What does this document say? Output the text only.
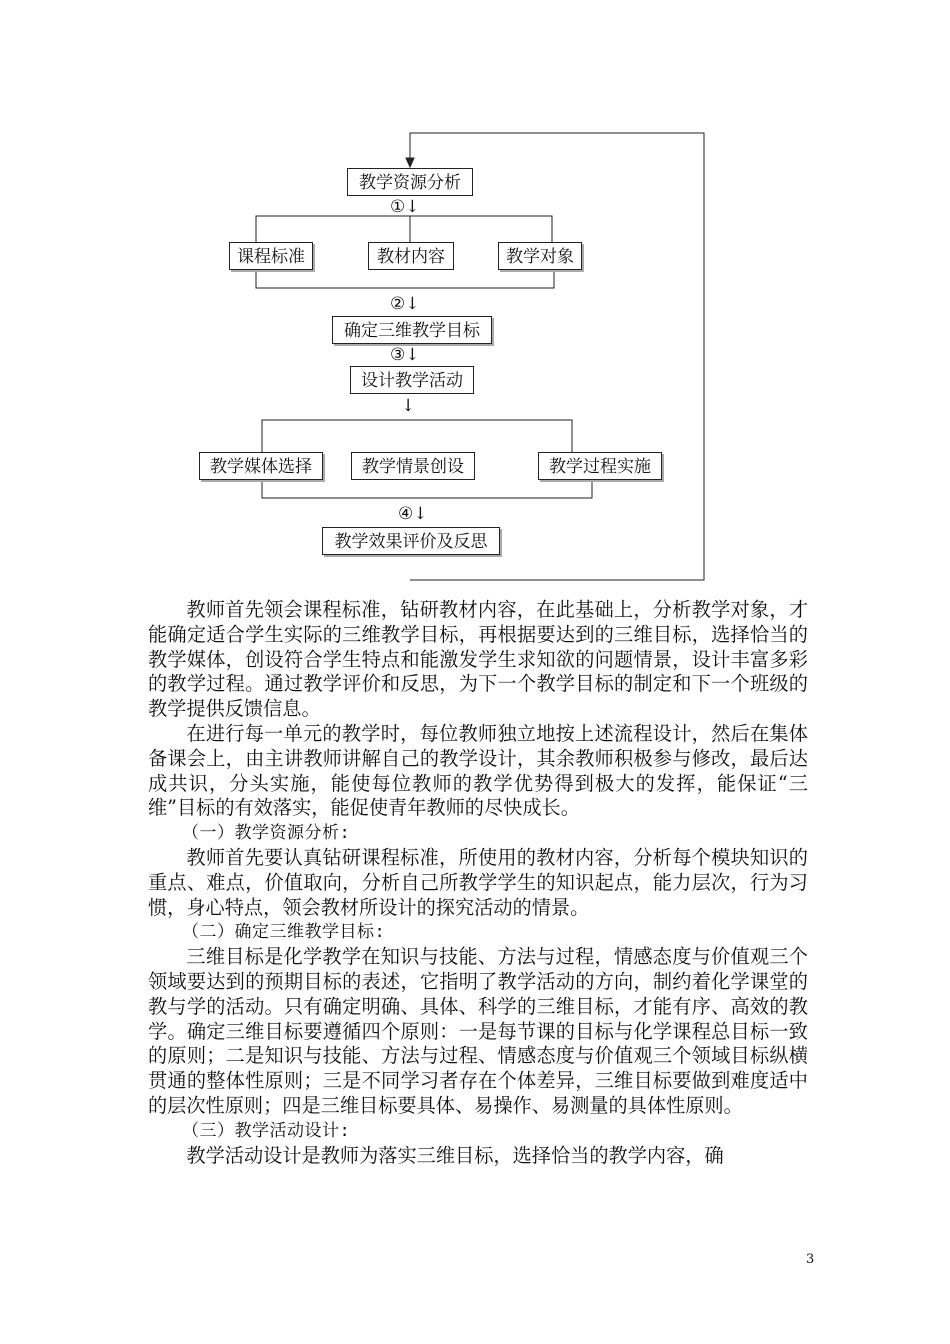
教学资源分析
①↓
课程标准	教材内容	教学对象
②↓
确定三维教学目标
③↓
设计教学活动
↓
教学媒体选择	教学情景创设	教学过程实施
④↓
教学效果评价及反思

教师首先领会课程标准，钻研教材内容，在此基础上，分析教学对象，才能确定适合学生实际的三维教学目标，再根据要达到的三维目标，选择恰当的教学媒体，创设符合学生特点和能激发学生求知欲的问题情景，设计丰富多彩的教学过程。通过教学评价和反思，为下一个教学目标的制定和下一个班级的教学提供反馈信息。

在进行每一单元的教学时，每位教师独立地按上述流程设计，然后在集体备课会上，由主讲教师讲解自己的教学设计，其余教师积极参与修改，最后达成共识，分头实施，能使每位教师的教学优势得到极大的发挥，能保证“三维”目标的有效落实，能促使青年教师的尽快成长。

（一）教学资源分析:

教师首先要认真钻研课程标准，所使用的教材内容，分析每个模块知识的重点、难点，价值取向，分析自己所教学学生的知识起点，能力层次，行为习惯，身心特点，领会教材所设计的探究活动的情景。

（二）确定三维教学目标:

三维目标是化学教学在知识与技能、方法与过程，情感态度与价值观三个领域要达到的预期目标的表述，它指明了教学活动的方向，制约着化学课堂的教与学的活动。只有确定明确、具体、科学的三维目标，才能有序、高效的教学。确定三维目标要遵循四个原则：一是每节课的目标与化学课程总目标一致的原则；二是知识与技能、方法与过程、情感态度与价值观三个领域目标纵横贯通的整体性原则；三是不同学习者存在个体差异，三维目标要做到难度适中的层次性原则；四是三维目标要具体、易操作、易测量的具体性原则。

（三）教学活动设计:

教学活动设计是教师为落实三维目标，选择恰当的教学内容，确

3
